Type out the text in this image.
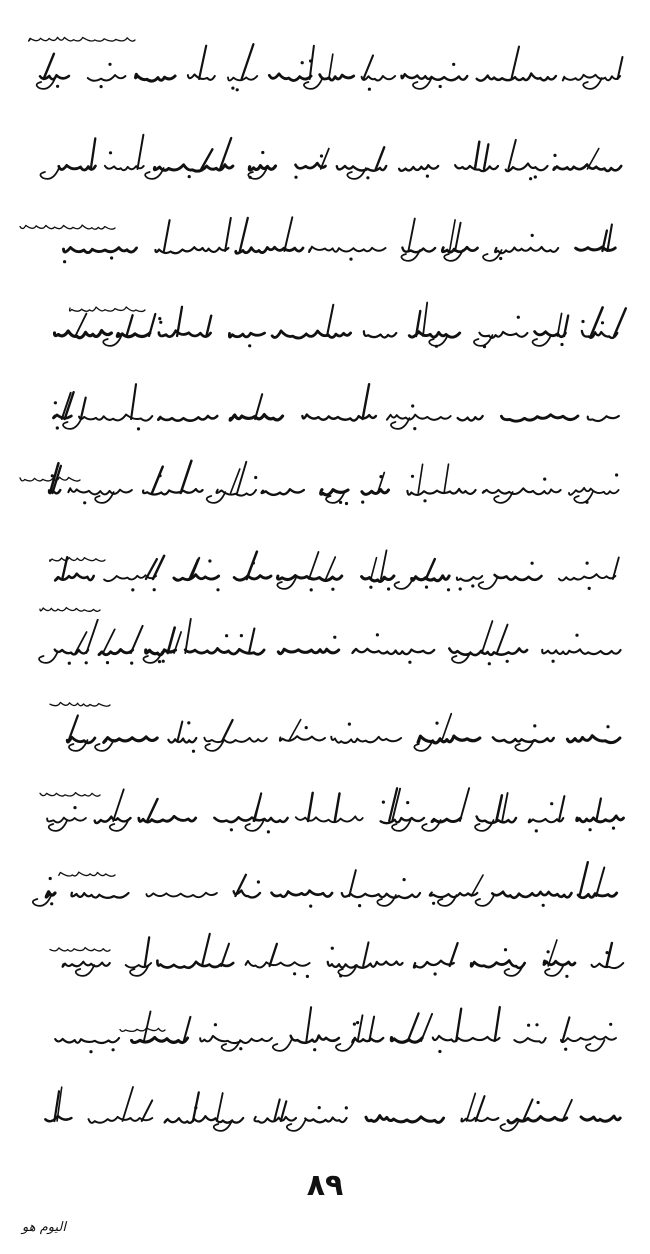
٨٩
اليوم هو
